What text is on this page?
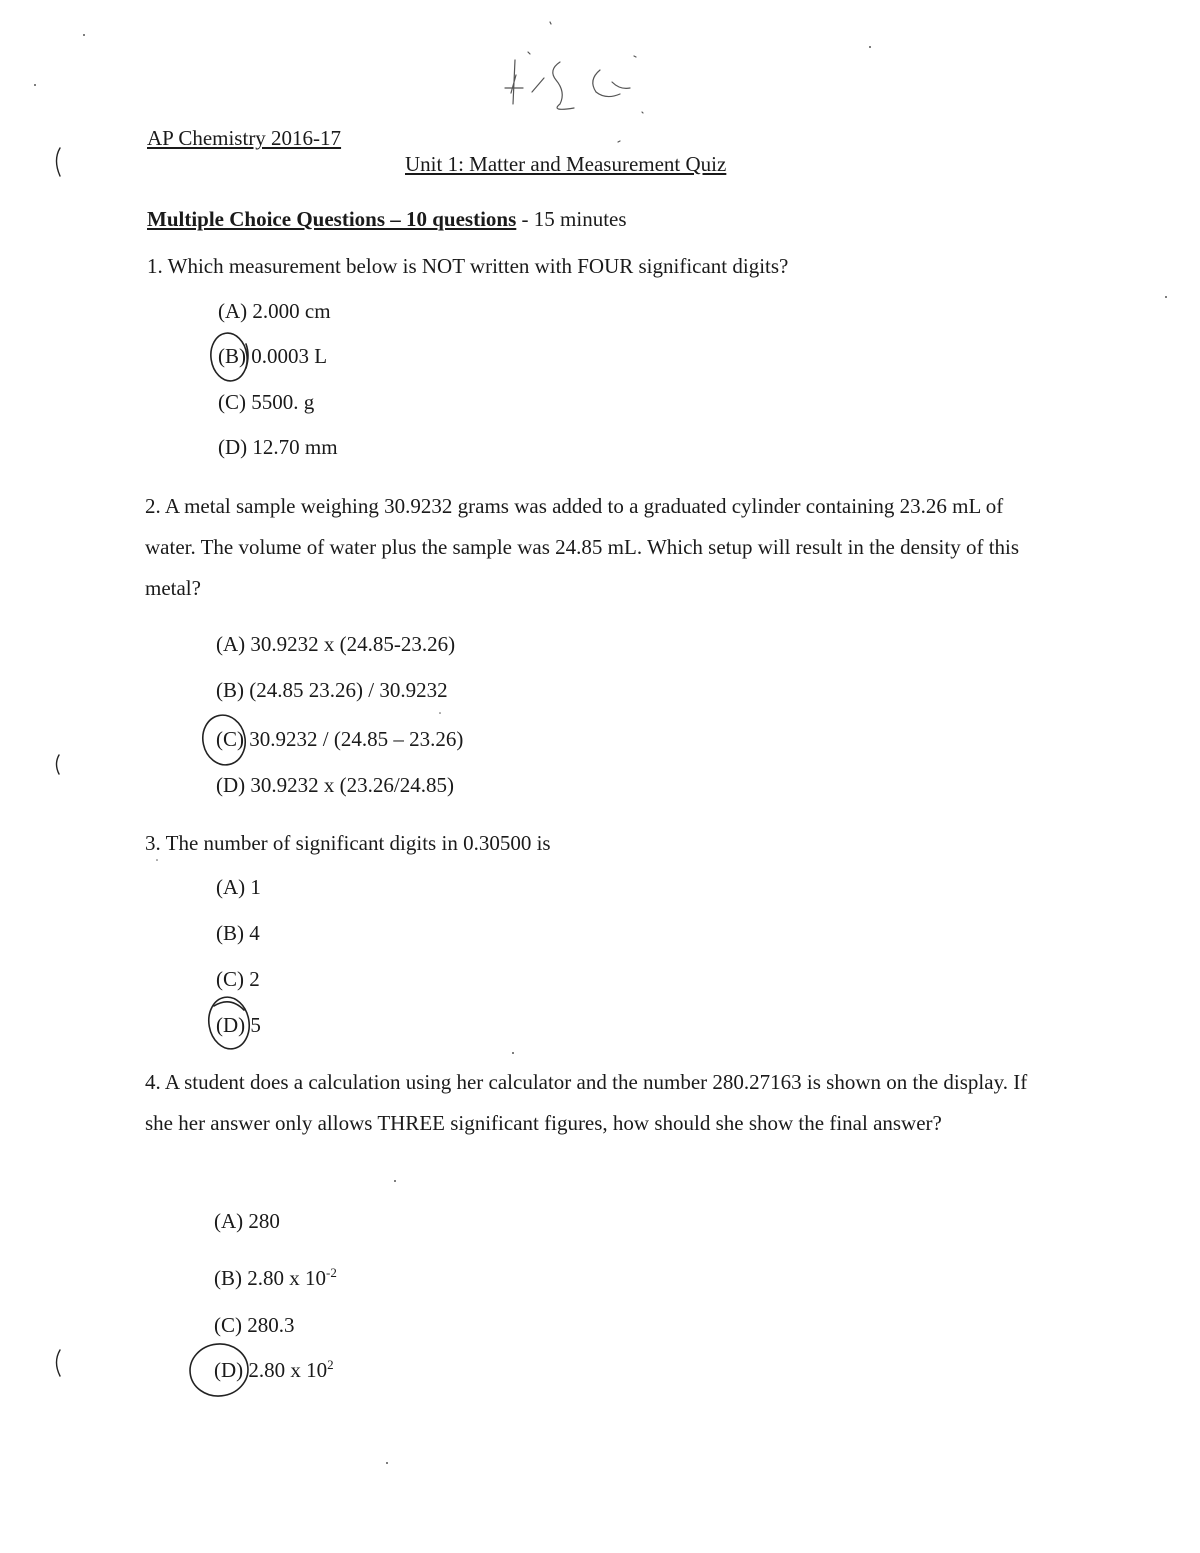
AP Chemistry 2016-17
Unit 1: Matter and Measurement Quiz
Multiple Choice Questions – 10 questions - 15 minutes
1. Which measurement below is NOT written with FOUR significant digits?
(A) 2.000 cm
(B) 0.0003 L
(C) 5500. g
(D) 12.70 mm
2. A metal sample weighing 30.9232 grams was added to a graduated cylinder containing 23.26 mL of water. The volume of water plus the sample was 24.85 mL. Which setup will result in the density of this metal?
(A) 30.9232 x (24.85-23.26)
(B) (24.85 23.26) / 30.9232
(C) 30.9232 / (24.85 – 23.26)
(D) 30.9232 x (23.26/24.85)
3. The number of significant digits in 0.30500 is
(A) 1
(B) 4
(C) 2
(D) 5
4. A student does a calculation using her calculator and the number 280.27163 is shown on the display. If she her answer only allows THREE significant figures, how should she show the final answer?
(A) 280
(B) 2.80 x $10^{-2}$
(C) 280.3
(D) 2.80 x $10^2$
